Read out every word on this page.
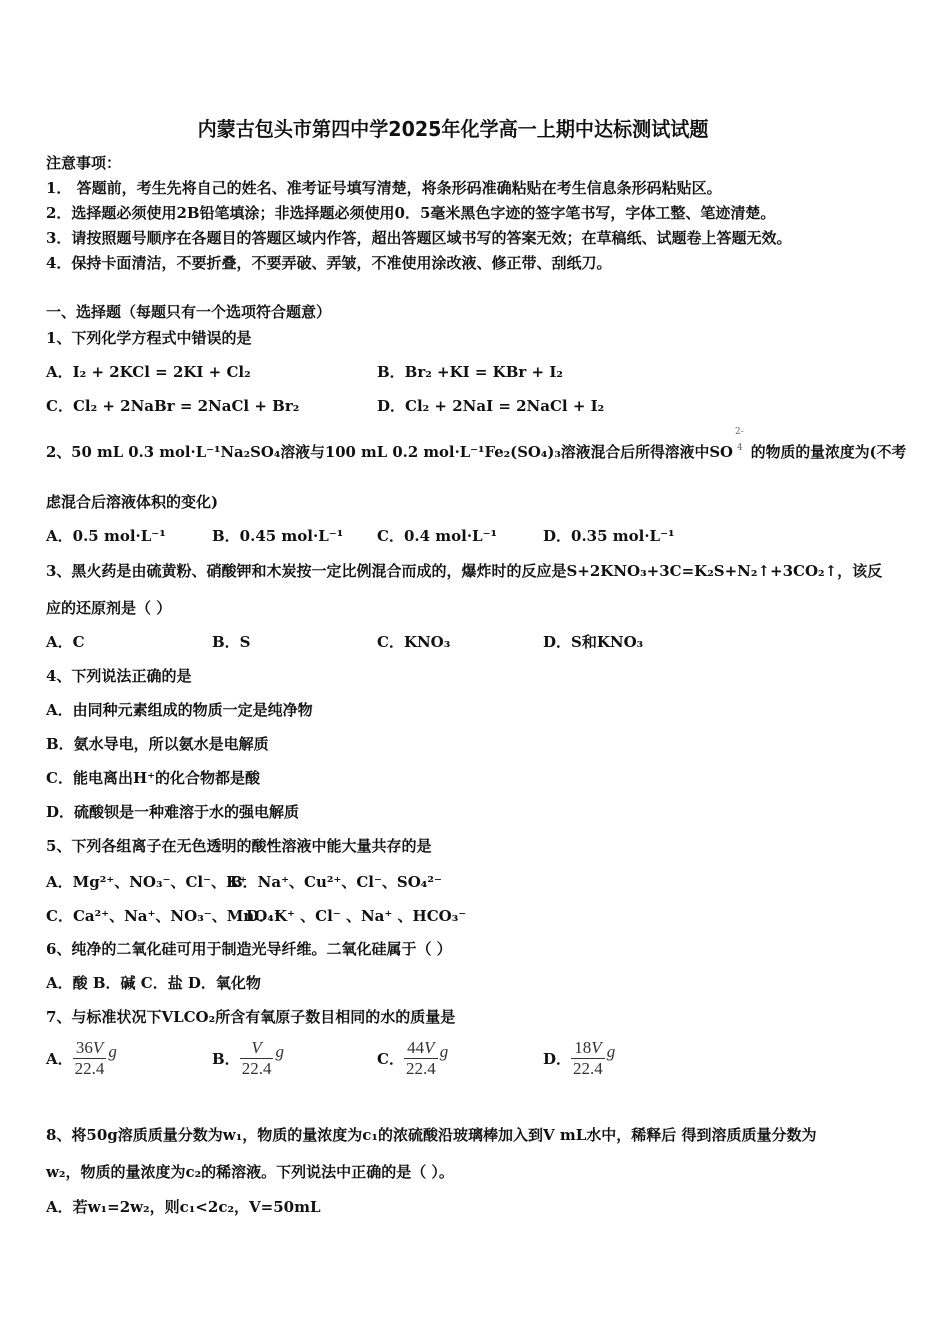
内蒙古包头市第四中学2025年化学高一上期中达标测试试题
注意事项：
1． 答题前，考生先将自己的姓名、准考证号填写清楚，将条形码准确粘贴在考生信息条形码粘贴区。
2．选择题必须使用2B铅笔填涂；非选择题必须使用0．5毫米黑色字迹的签字笔书写，字体工整、笔迹清楚。
3．请按照题号顺序在各题目的答题区域内作答，超出答题区域书写的答案无效；在草稿纸、试题卷上答题无效。
4．保持卡面清洁，不要折叠，不要弄破、弄皱，不准使用涂改液、修正带、刮纸刀。
一、选择题（每题只有一个选项符合题意）
1、下列化学方程式中错误的是
A．I₂ + 2KCl = 2KI + Cl₂	B．Br₂ +KI = KBr + I₂
C．Cl₂ + 2NaBr = 2NaCl + Br₂	D．Cl₂ + 2NaI = 2NaCl + I₂
2、50 mL 0.3 mol·L⁻¹Na₂SO₄溶液与100 mL 0.2 mol·L⁻¹Fe₂(SO₄)₃溶液混合后所得溶液中SO
2-
4 的物质的量浓度为(不考
虑混合后溶液体积的变化)
A．0.5 mol·L⁻¹	B．0.45 mol·L⁻¹ C．0.4 mol·L⁻¹	D．0.35 mol·L⁻¹
3、黑火药是由硫黄粉、硝酸钾和木炭按一定比例混合而成的，爆炸时的反应是S+2KNO₃+3C=K₂S+N₂↑+3CO₂↑，该反
应的还原剂是（ ）
A．C	B．S	C．KNO₃	D．S和KNO₃
4、下列说法正确的是
A．由同种元素组成的物质一定是纯净物
B．氨水导电，所以氨水是电解质
C．能电离出H⁺的化合物都是酸
D．硫酸钡是一种难溶于水的强电解质
5、下列各组离子在无色透明的酸性溶液中能大量共存的是
A．Mg²⁺、NO₃⁻、Cl⁻、K⁺
B．Na⁺、Cu²⁺、Cl⁻、SO₄²⁻
C．Ca²⁺、Na⁺、NO₃⁻、MnO₄⁻
D．K⁺ 、Cl⁻ 、Na⁺ 、HCO₃⁻
6、纯净的二氧化硅可用于制造光导纤维。二氧化硅属于（ ）
A．酸 B．碱 C．盐 D．氧化物
7、与标准状况下VLCO₂所含有氧原子数目相同的水的质量是
A． $\frac{36V}{22.4}$ g	B． $\frac{V}{22.4}$ g	C． $\frac{44V}{22.4}$ g	D． $\frac{18V}{22.4}$ g
8、将50g溶质质量分数为w₁，物质的量浓度为c₁的浓硫酸沿玻璃棒加入到V mL水中，稀释后 得到溶质质量分数为
w₂，物质的量浓度为c₂的稀溶液。下列说法中正确的是（ ）。
A．若w₁=2w₂，则c₁<2c₂，V=50mL
